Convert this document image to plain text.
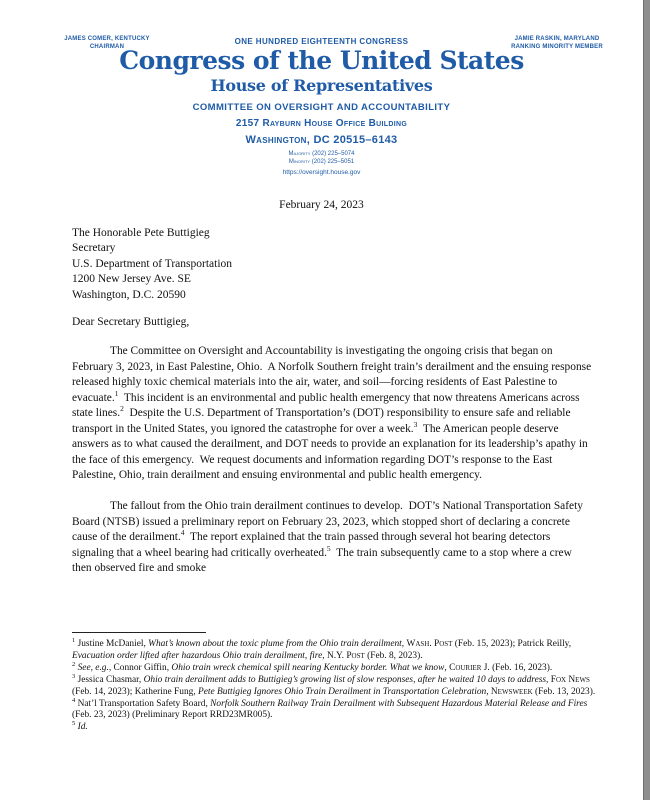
JAMES COMER, KENTUCKY
CHAIRMAN
JAMIE RASKIN, MARYLAND
RANKING MINORITY MEMBER
ONE HUNDRED EIGHTEENTH CONGRESS
Congress of the United States
House of Representatives
COMMITTEE ON OVERSIGHT AND ACCOUNTABILITY
2157 Rayburn House Office Building
Washington, DC 20515–6143
Majority (202) 225–5074
Minority (202) 225–5051
https://oversight.house.gov
February 24, 2023
The Honorable Pete Buttigieg
Secretary
U.S. Department of Transportation
1200 New Jersey Ave. SE
Washington, D.C. 20590
Dear Secretary Buttigieg,

The Committee on Oversight and Accountability is investigating the ongoing crisis that began on February 3, 2023, in East Palestine, Ohio.  A Norfolk Southern freight train’s derailment and the ensuing response released highly toxic chemical materials into the air, water, and soil—forcing residents of East Palestine to evacuate.$^1$  This incident is an environmental and public health emergency that now threatens Americans across state lines.$^2$  Despite the U.S. Department of Transportation’s (DOT) responsibility to ensure safe and reliable transport in the United States, you ignored the catastrophe for over a week.$^3$  The American people deserve answers as to what caused the derailment, and DOT needs to provide an explanation for its leadership’s apathy in the face of this emergency.  We request documents and information regarding DOT’s response to the East Palestine, Ohio, train derailment and ensuing environmental and public health emergency.

The fallout from the Ohio train derailment continues to develop.  DOT’s National Transportation Safety Board (NTSB) issued a preliminary report on February 23, 2023, which stopped short of declaring a concrete cause of the derailment.$^4$  The report explained that the train passed through several hot bearing detectors signaling that a wheel bearing had critically overheated.$^5$  The train subsequently came to a stop where a crew then observed fire and smoke

$^1$ Justine McDaniel, What’s known about the toxic plume from the Ohio train derailment, Wash. Post (Feb. 15, 2023); Patrick Reilly, Evacuation order lifted after hazardous Ohio train derailment, fire, N.Y. Post (Feb. 8, 2023).
$^2$ See, e.g., Connor Giffin, Ohio train wreck chemical spill nearing Kentucky border. What we know, Courier J. (Feb. 16, 2023).
$^3$ Jessica Chasmar, Ohio train derailment adds to Buttigieg’s growing list of slow responses, after he waited 10 days to address, Fox News (Feb. 14, 2023); Katherine Fung, Pete Buttigieg Ignores Ohio Train Derailment in Transportation Celebration, Newsweek (Feb. 13, 2023).
$^4$ Nat’l Transportation Safety Board, Norfolk Southern Railway Train Derailment with Subsequent Hazardous Material Release and Fires (Feb. 23, 2023) (Preliminary Report RRD23MR005).
$^5$ Id.
